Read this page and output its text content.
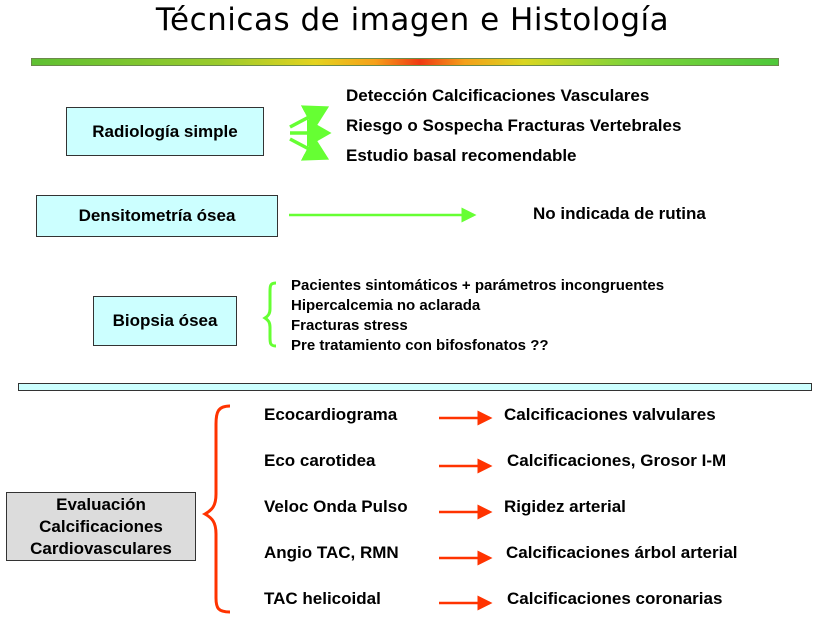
Técnicas de imagen e Histología
Radiología simple
Detección Calcificaciones Vasculares
Riesgo o Sospecha Fracturas Vertebrales
Estudio basal recomendable
Densitometría ósea	No indicada de rutina
Biopsia ósea
Pacientes sintomáticos + parámetros incongruentes
Hipercalcemia no aclarada
Fracturas stress
Pre tratamiento con bifosfonatos ??
Evaluación
Calcificaciones
Cardiovasculares
Ecocardiograma	Calcificaciones valvulares
Eco carotidea	Calcificaciones, Grosor I-M
Veloc Onda Pulso	Rigidez arterial
Angio TAC, RMN	Calcificaciones árbol arterial
TAC helicoidal	Calcificaciones coronarias
